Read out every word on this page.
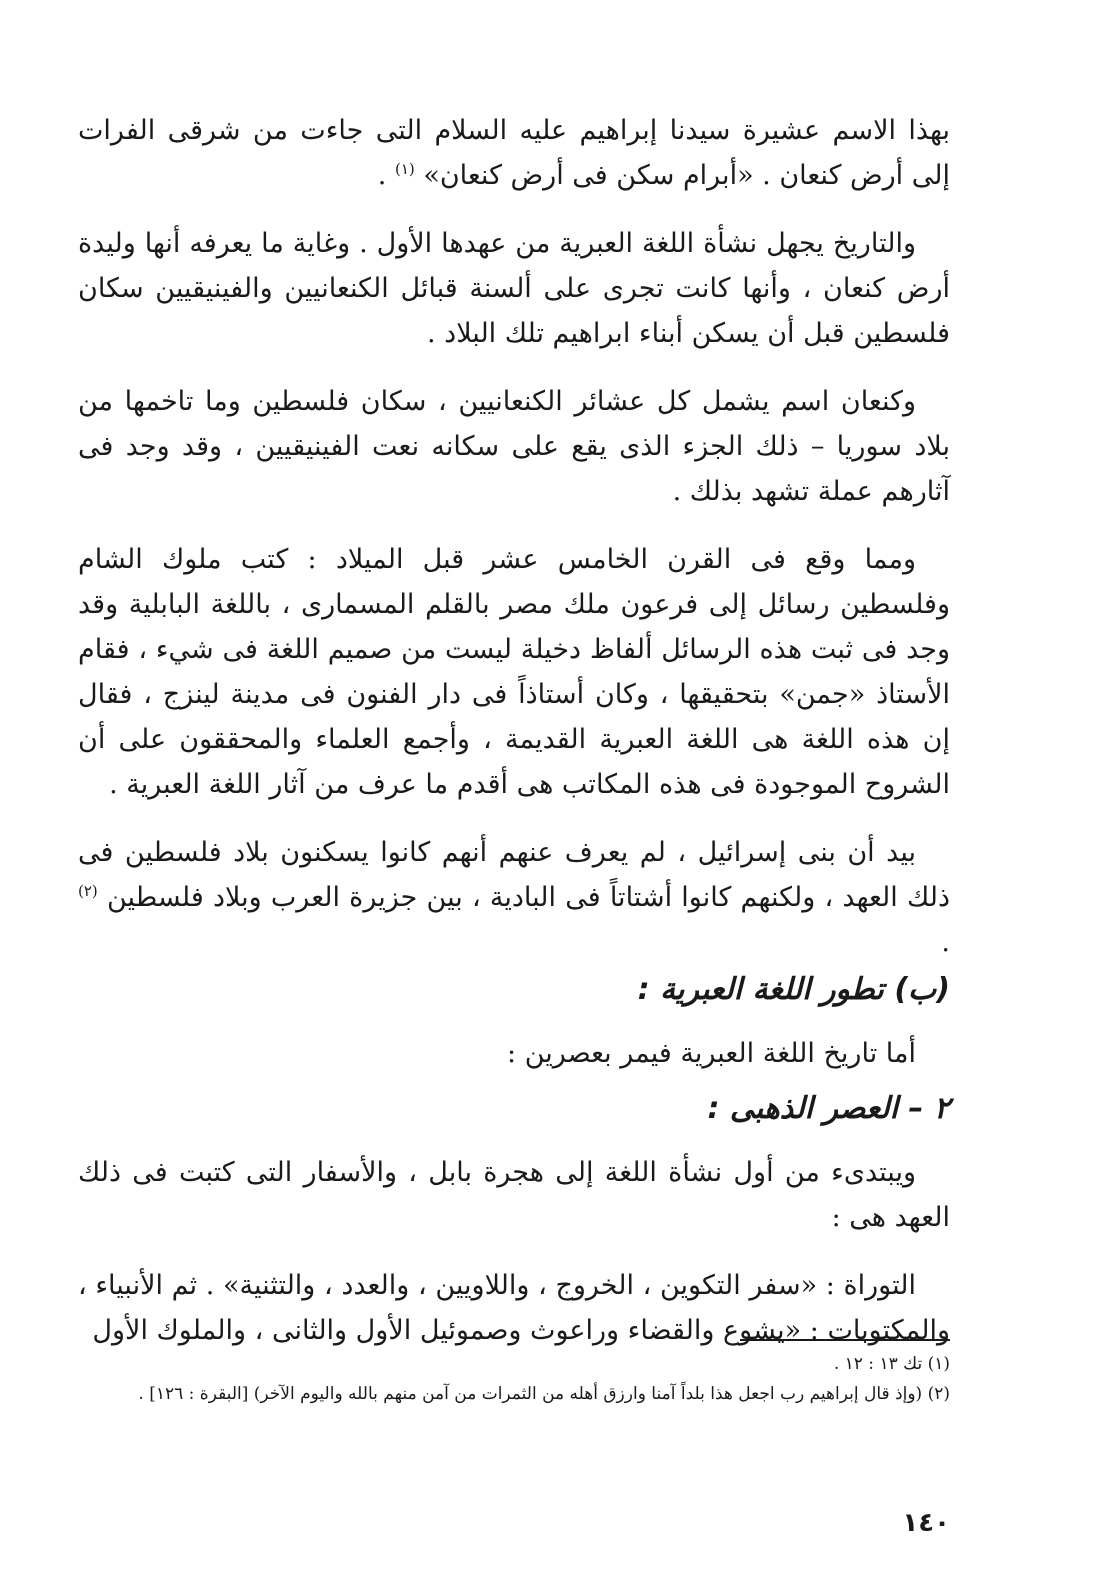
بهذا الاسم عشيرة سيدنا إبراهيم عليه السلام التى جاءت من شرقى الفرات إلى أرض كنعان . «أبرام سكن فى أرض كنعان» $^{(١)}$ .

والتاريخ يجهل نشأة اللغة العبرية من عهدها الأول . وغاية ما يعرفه أنها وليدة أرض كنعان ، وأنها كانت تجرى على ألسنة قبائل الكنعانيين والفينيقيين سكان فلسطين قبل أن يسكن أبناء ابراهيم تلك البلاد .

وكنعان اسم يشمل كل عشائر الكنعانيين ، سكان فلسطين وما تاخمها من بلاد سوريا – ذلك الجزء الذى يقع على سكانه نعت الفينيقيين ، وقد وجد فى آثارهم عملة تشهد بذلك .

ومما وقع فى القرن الخامس عشر قبل الميلاد : كتب ملوك الشام وفلسطين رسائل إلى فرعون ملك مصر بالقلم المسمارى ، باللغة البابلية وقد وجد فى ثبت هذه الرسائل ألفاظ دخيلة ليست من صميم اللغة فى شيء ، فقام الأستاذ «جمن» بتحقيقها ، وكان أستاذاً فى دار الفنون فى مدينة لينزج ، فقال إن هذه اللغة هى اللغة العبرية القديمة ، وأجمع العلماء والمحققون على أن الشروح الموجودة فى هذه المكاتب هى أقدم ما عرف من آثار اللغة العبرية .

بيد أن بنى إسرائيل ، لم يعرف عنهم أنهم كانوا يسكنون بلاد فلسطين فى ذلك العهد ، ولكنهم كانوا أشتاتاً فى البادية ، بين جزيرة العرب وبلاد فلسطين $^{(٢)}$ .

(ب) تطور اللغة العبرية :

أما تاريخ اللغة العبرية فيمر بعصرين :

٢ – العصر الذهبى :

ويبتدىء من أول نشأة اللغة إلى هجرة بابل ، والأسفار التى كتبت فى ذلك العهد هى :

التوراة : «سفر التكوين ، الخروج ، واللاويين ، والعدد ، والتثنية» . ثم الأنبياء ، والمكتوبات : «يشوع والقضاء وراعوث وصموئيل الأول والثانى ، والملوك الأول

(١) تك ١٣ : ١٢ .

(٢) (وإذ قال إبراهيم رب اجعل هذا بلداً آمنا وارزق أهله من الثمرات من آمن منهم بالله واليوم الآخر) [البقرة : ١٢٦] .

١٤٠
